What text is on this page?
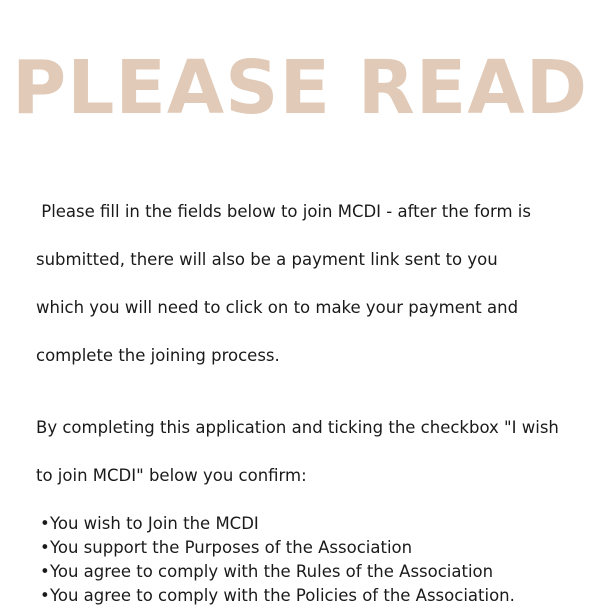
PLEASE READ

Please fill in the fields below to join MCDI - after the form is

submitted, there will also be a payment link sent to you

which you will need to click on to make your payment and

complete the joining process.

By completing this application and ticking the checkbox "I wish

to join MCDI" below you confirm:

•You wish to Join the MCDI
•You support the Purposes of the Association
•You agree to comply with the Rules of the Association
•You agree to comply with the Policies of the Association.
